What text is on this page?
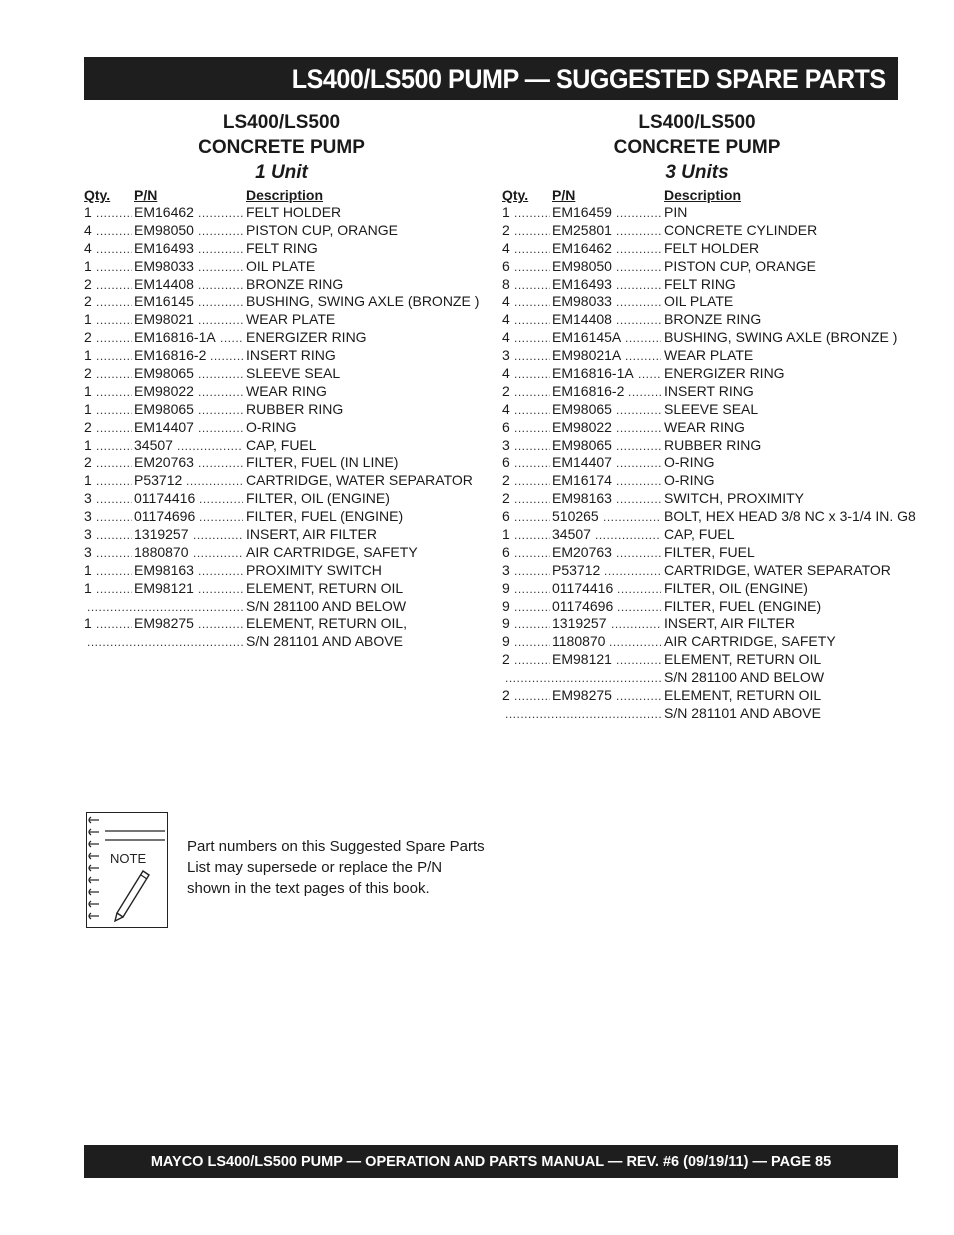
LS400/LS500 PUMP — SUGGESTED SPARE PARTS
LS400/LS500
CONCRETE PUMP
1 Unit
Qty. P/N	Description
1 .....	EM16462 .....	FELT HOLDER
4 .....	EM98050 .....	PISTON CUP, ORANGE
4 .....	EM16493 .....	FELT RING
1 .....	EM98033 .....	OIL PLATE
2 .....	EM14408 .....	BRONZE RING
2 .....	EM16145 .....	BUSHING, SWING AXLE (BRONZE )
1 .....	EM98021 .....	WEAR PLATE
2 .....	EM16816-1A ..... ENERGIZER RING
1 .....	EM16816-2 .....	INSERT RING
2 .....	EM98065 .....	SLEEVE SEAL
1 .....	EM98022 .....	WEAR RING
1 .....	EM98065 .....	RUBBER RING
2 .....	EM14407 .....	O-RING
1 .....	34507 .....	CAP, FUEL
2 .....	EM20763 .....	FILTER, FUEL (IN LINE)
1 .....	P53712 .....	CARTRIDGE, WATER SEPARATOR
3 .....	01174416 .....	FILTER, OIL (ENGINE)
3 .....	01174696 .....	FILTER, FUEL (ENGINE)
3 .....	1319257 .....	INSERT, AIR FILTER
3 .....	1880870 .....	AIR CARTRIDGE, SAFETY
1 .....	EM98163 .....	PROXIMITY SWITCH
1 .....	EM98121 .....	ELEMENT, RETURN OIL
.....
S/N 281100 AND BELOW
1 .....	EM98275 .....	ELEMENT, RETURN OIL,
.....
S/N 281101 AND ABOVE
LS400/LS500
CONCRETE PUMP
3 Units
Qty. P/N	Description
1 .....	EM16459 .....	PIN
2 .....	EM25801 .....	CONCRETE CYLINDER
4 .....	EM16462 .....	FELT HOLDER
6 .....	EM98050 .....	PISTON CUP, ORANGE
8 .....	EM16493 .....	FELT RING
4 .....	EM98033 .....	OIL PLATE
4 .....	EM14408 .....	BRONZE RING
4 .....	EM16145A .....	BUSHING, SWING AXLE (BRONZE )
3 .....	EM98021A .....	WEAR PLATE
4 .....	EM16816-1A ..... ENERGIZER RING
2 .....	EM16816-2 .....	INSERT RING
4 .....	EM98065 .....	SLEEVE SEAL
6 .....	EM98022 .....	WEAR RING
3 .....	EM98065 .....	RUBBER RING
6 .....	EM14407 .....	O-RING
2 .....	EM16174 .....	O-RING
2 .....	EM98163 .....	SWITCH, PROXIMITY
6 .....	510265 .....	BOLT, HEX HEAD 3/8 NC x 3-1/4 IN. G8
1 .....	34507 .....	CAP, FUEL
6 .....	EM20763 .....	FILTER, FUEL
3 .....	P53712 .....	CARTRIDGE, WATER SEPARATOR
9 .....	01174416 .....	FILTER, OIL (ENGINE)
9 .....	01174696 .....	FILTER, FUEL (ENGINE)
9 .....	1319257 .....	INSERT, AIR FILTER
9 .....	1180870 .....	AIR CARTRIDGE, SAFETY
2 .....	EM98121 .....	ELEMENT, RETURN OIL
.....
S/N 281100 AND BELOW
2 .....	EM98275 .....	ELEMENT, RETURN OIL
.....
S/N 281101 AND ABOVE
NOTE
Part numbers on this Suggested Spare Parts List may supersede or replace the P/N shown in the text pages of this book.
MAYCO LS400/LS500 PUMP — OPERATION AND PARTS MANUAL — REV. #6 (09/19/11) — PAGE 85
